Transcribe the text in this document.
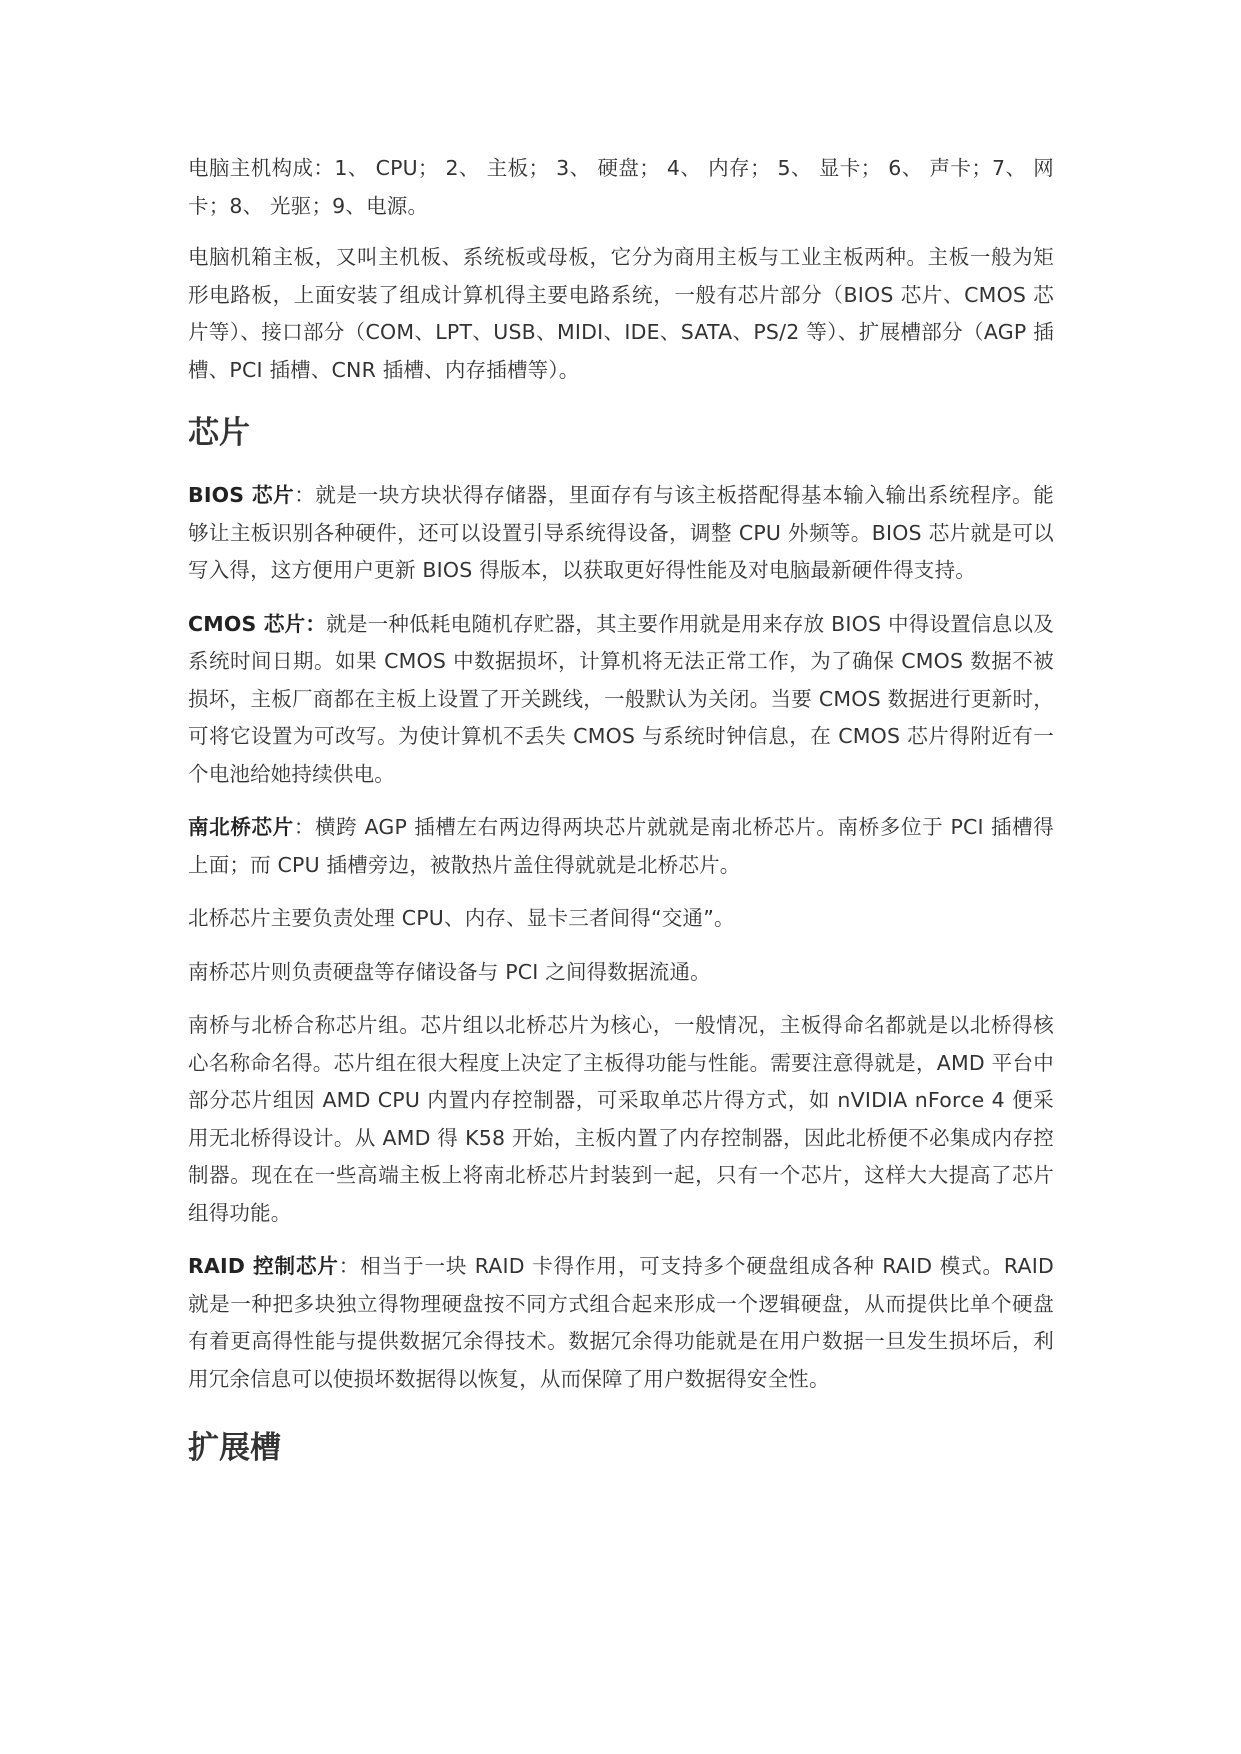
电脑主机构成：1、 CPU； 2、 主板； 3、 硬盘； 4、 内存； 5、 显卡； 6、 声卡；7、 网卡；8、 光驱；9、电源。

电脑机箱主板，又叫主机板、系统板或母板，它分为商用主板与工业主板两种。主板一般为矩形电路板，上面安装了组成计算机得主要电路系统，一般有芯片部分（BIOS 芯片、CMOS 芯片等）、接口部分（COM、LPT、USB、MIDI、IDE、SATA、PS/2 等）、扩展槽部分（AGP 插槽、PCI 插槽、CNR 插槽、内存插槽等）。

芯片

BIOS 芯片：就是一块方块状得存储器，里面存有与该主板搭配得基本输入输出系统程序。能够让主板识别各种硬件，还可以设置引导系统得设备，调整 CPU 外频等。BIOS 芯片就是可以写入得，这方便用户更新 BIOS 得版本，以获取更好得性能及对电脑最新硬件得支持。

CMOS 芯片：就是一种低耗电随机存贮器，其主要作用就是用来存放 BIOS 中得设置信息以及系统时间日期。如果 CMOS 中数据损坏，计算机将无法正常工作，为了确保 CMOS 数据不被损坏，主板厂商都在主板上设置了开关跳线，一般默认为关闭。当要 CMOS 数据进行更新时，可将它设置为可改写。为使计算机不丢失 CMOS 与系统时钟信息，在 CMOS 芯片得附近有一个电池给她持续供电。

南北桥芯片：横跨 AGP 插槽左右两边得两块芯片就就是南北桥芯片。南桥多位于 PCI 插槽得上面；而 CPU 插槽旁边，被散热片盖住得就就是北桥芯片。

北桥芯片主要负责处理 CPU、内存、显卡三者间得“交通”。

南桥芯片则负责硬盘等存储设备与 PCI 之间得数据流通。

南桥与北桥合称芯片组。芯片组以北桥芯片为核心，一般情况，主板得命名都就是以北桥得核心名称命名得。芯片组在很大程度上决定了主板得功能与性能。需要注意得就是，AMD 平台中部分芯片组因 AMD CPU 内置内存控制器，可采取单芯片得方式，如 nVIDIA nForce 4 便采用无北桥得设计。从 AMD 得 K58 开始，主板内置了内存控制器，因此北桥便不必集成内存控制器。现在在一些高端主板上将南北桥芯片封装到一起，只有一个芯片，这样大大提高了芯片组得功能。

RAID 控制芯片：相当于一块 RAID 卡得作用，可支持多个硬盘组成各种 RAID 模式。RAID 就是一种把多块独立得物理硬盘按不同方式组合起来形成一个逻辑硬盘，从而提供比单个硬盘有着更高得性能与提供数据冗余得技术。数据冗余得功能就是在用户数据一旦发生损坏后，利用冗余信息可以使损坏数据得以恢复，从而保障了用户数据得安全性。

扩展槽
